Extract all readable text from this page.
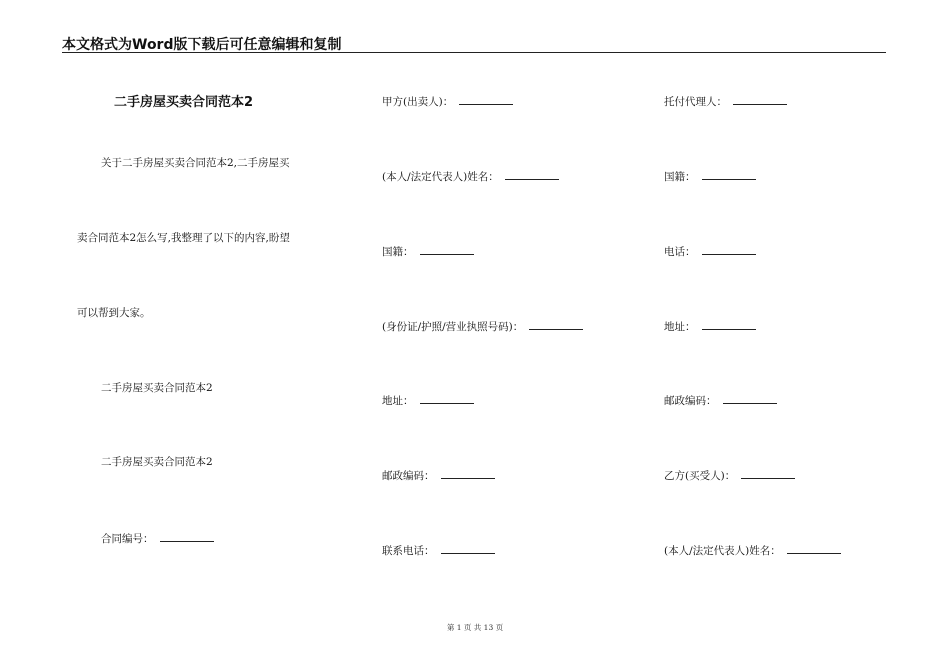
本文格式为Word版下载后可任意编辑和复制
二手房屋买卖合同范本2
关于二手房屋买卖合同范本2,二手房屋买
卖合同范本2怎么写,我整理了以下的内容,盼望
可以帮到大家。
二手房屋买卖合同范本2
二手房屋买卖合同范本2
合同编号：
甲方(出卖人)：
(本人/法定代表人)姓名：
国籍：
(身份证/护照/营业执照号码)：
地址：
邮政编码：
联系电话：
托付代理人：
国籍：
电话：
地址：
邮政编码：
乙方(买受人)：
(本人/法定代表人)姓名：
第 1 页 共 13 页
